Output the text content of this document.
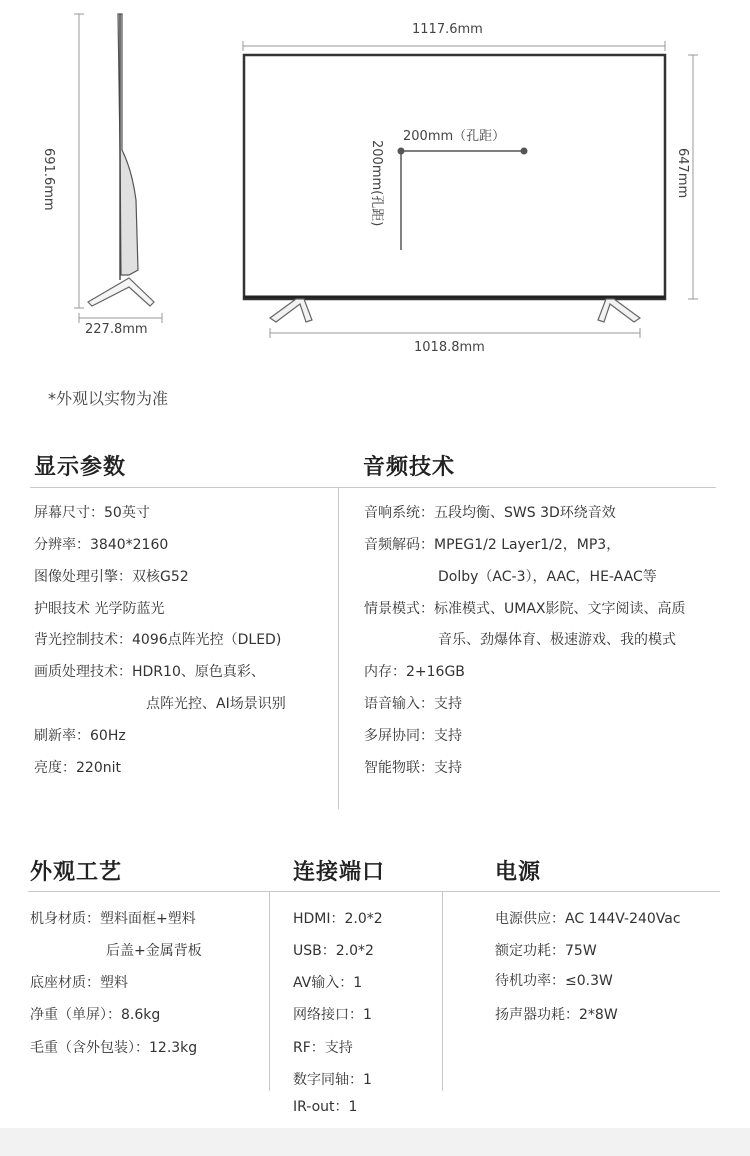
691.6mm
227.8mm
1117.6mm
647mm
1018.8mm
200mm（孔距）
200mm(孔距)
*外观以实物为准
显示参数	音频技术
屏幕尺寸：50英寸
分辨率：3840*2160
图像处理引擎：双核G52
护眼技术 光学防蓝光
背光控制技术：4096点阵光控（DLED)
画质处理技术：HDR10、原色真彩、
点阵光控、AI场景识别
刷新率：60Hz
亮度：220nit
音响系统：五段均衡、SWS 3D环绕音效
音频解码：MPEG1/2 Layer1/2，MP3，
Dolby（AC-3），AAC，HE-AAC等
情景模式：标准模式、UMAX影院、文字阅读、高质
音乐、劲爆体育、极速游戏、我的模式
内存：2+16GB
语音输入：支持
多屏协同：支持
智能物联：支持
外观工艺	连接端口	电源
机身材质：塑料面框+塑料
后盖+金属背板
底座材质：塑料
净重（单屏）：8.6kg
毛重（含外包装）：12.3kg
HDMI：2.0*2
USB：2.0*2
AV输入：1
网络接口：1
RF：支持
数字同轴：1
IR-out：1
电源供应：AC 144V-240Vac
额定功耗：75W
待机功率：≤0.3W
扬声器功耗：2*8W
